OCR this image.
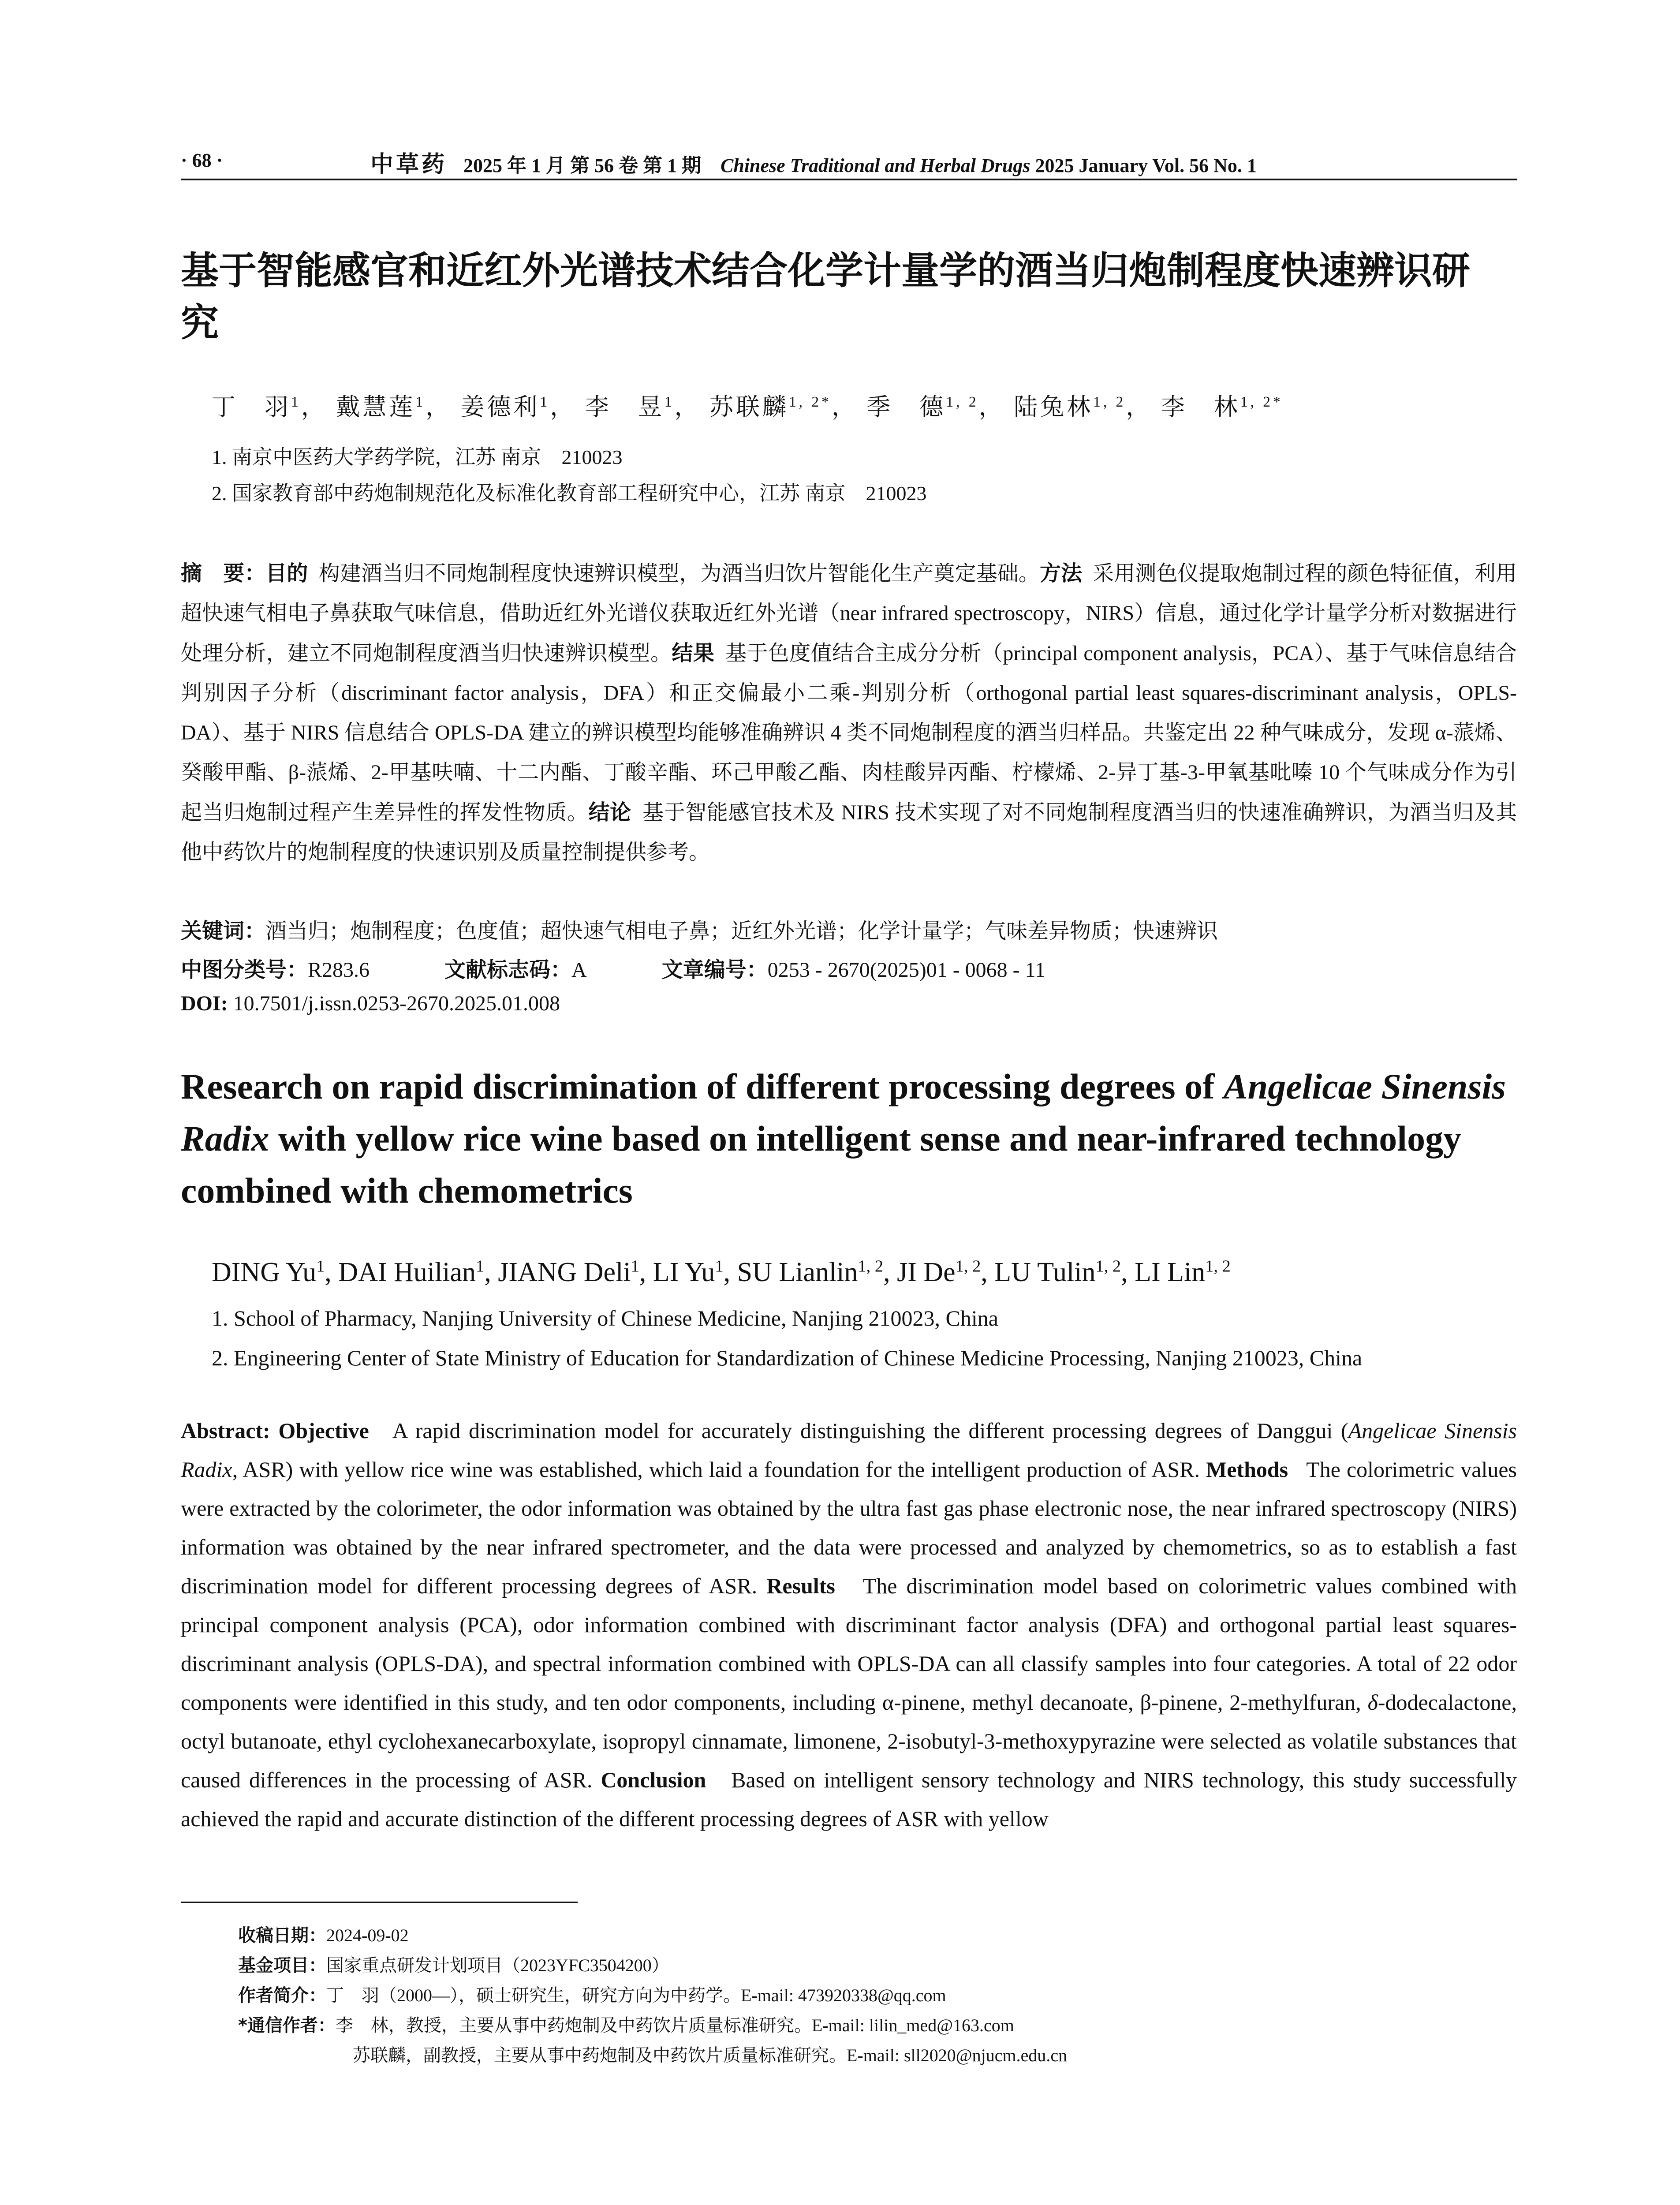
· 68 ·	中草药 2025 年 1 月 第 56 卷 第 1 期 Chinese Traditional and Herbal Drugs 2025 January Vol. 56 No. 1
基于智能感官和近红外光谱技术结合化学计量学的酒当归炮制程度快速辨识研究
丁　羽$^1$， 戴慧莲$^1$， 姜德利$^1$， 李　昱$^1$， 苏联麟$^{1, 2*}$， 季　德$^{1, 2}$， 陆兔林$^{1, 2}$， 李　林$^{1, 2*}$
1. 南京中医药大学药学院，江苏 南京　210023
2. 国家教育部中药炮制规范化及标准化教育部工程研究中心，江苏 南京　210023
摘　要：目的 构建酒当归不同炮制程度快速辨识模型，为酒当归饮片智能化生产奠定基础。方法 采用测色仪提取炮制过程的颜色特征值，利用超快速气相电子鼻获取气味信息，借助近红外光谱仪获取近红外光谱（near infrared spectroscopy，NIRS）信息，通过化学计量学分析对数据进行处理分析，建立不同炮制程度酒当归快速辨识模型。结果 基于色度值结合主成分分析（principal component analysis，PCA）、基于气味信息结合判别因子分析（discriminant factor analysis，DFA）和正交偏最小二乘-判别分析（orthogonal partial least squares-discriminant analysis，OPLS-DA）、基于 NIRS 信息结合 OPLS-DA 建立的辨识模型均能够准确辨识 4 类不同炮制程度的酒当归样品。共鉴定出 22 种气味成分，发现 α-蒎烯、癸酸甲酯、β-蒎烯、2-甲基呋喃、十二内酯、丁酸辛酯、环己甲酸乙酯、肉桂酸异丙酯、柠檬烯、2-异丁基-3-甲氧基吡嗪 10 个气味成分作为引起当归炮制过程产生差异性的挥发性物质。结论 基于智能感官技术及 NIRS 技术实现了对不同炮制程度酒当归的快速准确辨识，为酒当归及其他中药饮片的炮制程度的快速识别及质量控制提供参考。
关键词：酒当归；炮制程度；色度值；超快速气相电子鼻；近红外光谱；化学计量学；气味差异物质；快速辨识
中图分类号：R283.6	文献标志码：A	文章编号：0253 - 2670(2025)01 - 0068 - 11
DOI: 10.7501/j.issn.0253-2670.2025.01.008
Research on rapid discrimination of different processing degrees of Angelicae Sinensis Radix with yellow rice wine based on intelligent sense and near-infrared technology combined with chemometrics
DING Yu$^1$, DAI Huilian$^1$, JIANG Deli$^1$, LI Yu$^1$, SU Lianlin$^{1, 2}$, JI De$^{1, 2}$, LU Tulin$^{1, 2}$, LI Lin$^{1, 2}$
1. School of Pharmacy, Nanjing University of Chinese Medicine, Nanjing 210023, China
2. Engineering Center of State Ministry of Education for Standardization of Chinese Medicine Processing, Nanjing 210023, China
Abstract: Objective A rapid discrimination model for accurately distinguishing the different processing degrees of Danggui (Angelicae Sinensis Radix, ASR) with yellow rice wine was established, which laid a foundation for the intelligent production of ASR. Methods The colorimetric values were extracted by the colorimeter, the odor information was obtained by the ultra fast gas phase electronic nose, the near infrared spectroscopy (NIRS) information was obtained by the near infrared spectrometer, and the data were processed and analyzed by chemometrics, so as to establish a fast discrimination model for different processing degrees of ASR. Results The discrimination model based on colorimetric values combined with principal component analysis (PCA), odor information combined with discriminant factor analysis (DFA) and orthogonal partial least squares-discriminant analysis (OPLS-DA), and spectral information combined with OPLS-DA can all classify samples into four categories. A total of 22 odor components were identified in this study, and ten odor components, including α-pinene, methyl decanoate, β-pinene, 2-methylfuran, δ-dodecalactone, octyl butanoate, ethyl cyclohexanecarboxylate, isopropyl cinnamate, limonene, 2-isobutyl-3-methoxypyrazine were selected as volatile substances that caused differences in the processing of ASR. Conclusion Based on intelligent sensory technology and NIRS technology, this study successfully achieved the rapid and accurate distinction of the different processing degrees of ASR with yellow
收稿日期：2024-09-02
基金项目：国家重点研发计划项目（2023YFC3504200）
作者简介：丁　羽（2000—），硕士研究生，研究方向为中药学。E-mail: 473920338@qq.com
*通信作者：李　林，教授，主要从事中药炮制及中药饮片质量标准研究。E-mail: lilin_med@163.com
苏联麟，副教授，主要从事中药炮制及中药饮片质量标准研究。E-mail: sll2020@njucm.edu.cn
